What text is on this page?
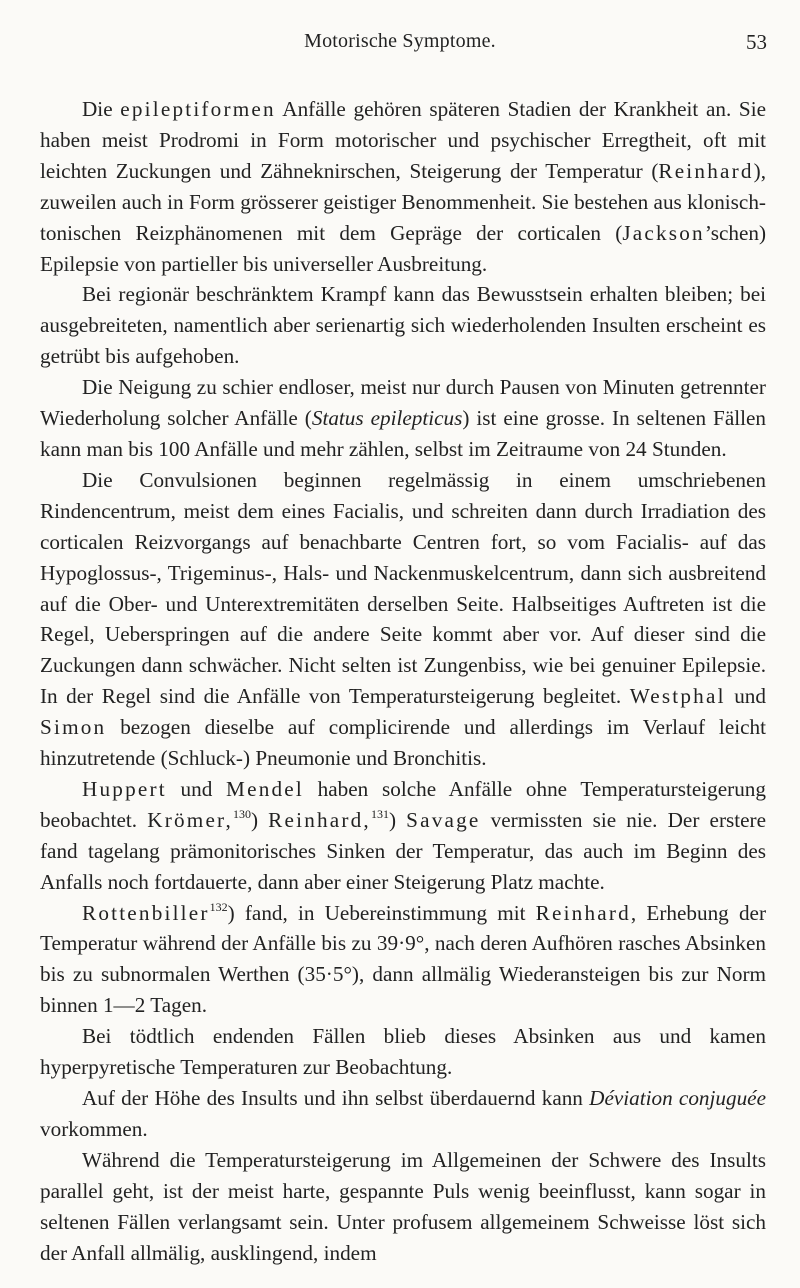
Motorische Symptome.	53

Die epileptiformen Anfälle gehören späteren Stadien der Krankheit an. Sie haben meist Prodromi in Form motorischer und psychischer Erregtheit, oft mit leichten Zuckungen und Zähneknirschen, Steigerung der Temperatur (Reinhard), zuweilen auch in Form grösserer geistiger Benommenheit. Sie bestehen aus klonisch-tonischen Reizphänomenen mit dem Gepräge der corticalen (Jackson’schen) Epilepsie von partieller bis universeller Ausbreitung.

Bei regionär beschränktem Krampf kann das Bewusstsein erhalten bleiben; bei ausgebreiteten, namentlich aber serienartig sich wiederholenden Insulten erscheint es getrübt bis aufgehoben.

Die Neigung zu schier endloser, meist nur durch Pausen von Minuten getrennter Wiederholung solcher Anfälle (Status epilepticus) ist eine grosse. In seltenen Fällen kann man bis 100 Anfälle und mehr zählen, selbst im Zeitraume von 24 Stunden.

Die Convulsionen beginnen regelmässig in einem umschriebenen Rindencentrum, meist dem eines Facialis, und schreiten dann durch Irradiation des corticalen Reizvorgangs auf benachbarte Centren fort, so vom Facialis- auf das Hypoglossus-, Trigeminus-, Hals- und Nackenmuskelcentrum, dann sich ausbreitend auf die Ober- und Unterextremitäten derselben Seite. Halbseitiges Auftreten ist die Regel, Ueberspringen auf die andere Seite kommt aber vor. Auf dieser sind die Zuckungen dann schwächer. Nicht selten ist Zungenbiss, wie bei genuiner Epilepsie. In der Regel sind die Anfälle von Temperatursteigerung begleitet. Westphal und Simon bezogen dieselbe auf complicirende und allerdings im Verlauf leicht hinzutretende (Schluck-) Pneumonie und Bronchitis.

Huppert und Mendel haben solche Anfälle ohne Temperatursteigerung beobachtet. Krömer,$^{130}$) Reinhard,$^{131}$) Savage vermissten sie nie. Der erstere fand tagelang prämonitorisches Sinken der Temperatur, das auch im Beginn des Anfalls noch fortdauerte, dann aber einer Steigerung Platz machte.

Rottenbiller$^{132}$) fand, in Uebereinstimmung mit Reinhard, Erhebung der Temperatur während der Anfälle bis zu 39·9°, nach deren Aufhören rasches Absinken bis zu subnormalen Werthen (35·5°), dann allmälig Wiederansteigen bis zur Norm binnen 1—2 Tagen.

Bei tödtlich endenden Fällen blieb dieses Absinken aus und kamen hyperpyretische Temperaturen zur Beobachtung.

Auf der Höhe des Insults und ihn selbst überdauernd kann Déviation conjuguée vorkommen.

Während die Temperatursteigerung im Allgemeinen der Schwere des Insults parallel geht, ist der meist harte, gespannte Puls wenig beeinflusst, kann sogar in seltenen Fällen verlangsamt sein. Unter profusem allgemeinem Schweisse löst sich der Anfall allmälig, ausklingend, indem
